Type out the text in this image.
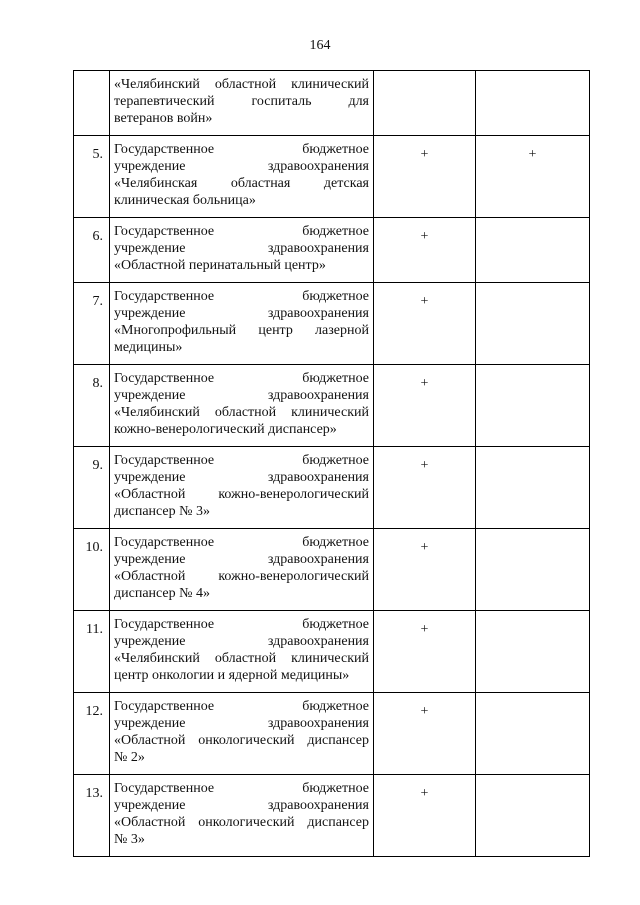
164

	«Челябинский областной клинический
терапевтический госпиталь для
ветеранов войн»		

5.	Государственное бюджетное
учреждение здравоохранения
«Челябинская областная детская
клиническая больница»	+	+
6.	Государственное бюджетное
учреждение здравоохранения
«Областной перинатальный центр»	+	
7.	Государственное бюджетное
учреждение здравоохранения
«Многопрофильный центр лазерной
медицины»	+	
8.	Государственное бюджетное
учреждение здравоохранения
«Челябинский областной клинический
кожно-венерологический диспансер»	+	
9.	Государственное бюджетное
учреждение здравоохранения
«Областной кожно-венерологический
диспансер № 3»	+	
10.	Государственное бюджетное
учреждение здравоохранения
«Областной кожно-венерологический
диспансер № 4»	+	
11.	Государственное бюджетное
учреждение здравоохранения
«Челябинский областной клинический
центр онкологии и ядерной медицины»	+	
12.	Государственное бюджетное
учреждение здравоохранения
«Областной онкологический диспансер
№ 2»	+	
13.	Государственное бюджетное
учреждение здравоохранения
«Областной онкологический диспансер
№ 3»	+	
